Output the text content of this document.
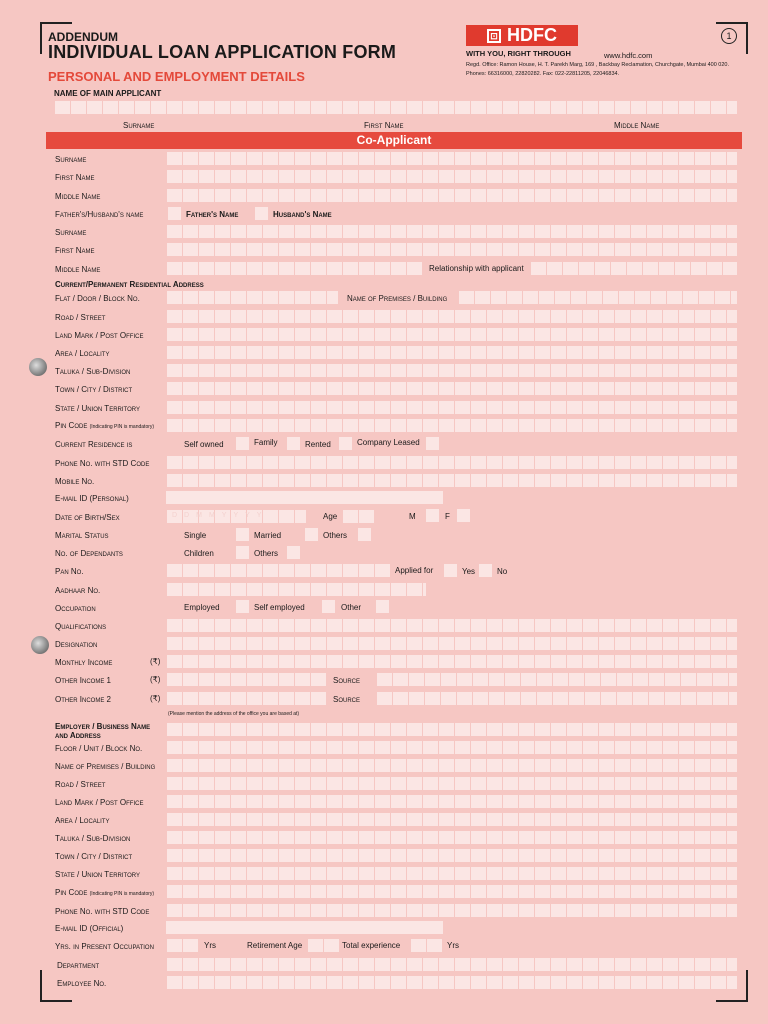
ADDENDUM
INDIVIDUAL LOAN APPLICATION FORM
PERSONAL AND EMPLOYMENT DETAILS
⊡ HDFC
WITH YOU, RIGHT THROUGH	www.hdfc.com
Regd. Office: Ramon House, H. T. Parekh Marg, 169 , Backbay Reclamation, Churchgate, Mumbai 400 020. Phones: 66316000, 22820282. Fax: 022-22811205, 22046834.
1
NAME OF MAIN APPLICANT
Surname	First Name	Middle Name
Co-Applicant
Surname
First Name
Middle Name
Father's/Husband's name	Father's Name	Husband's Name
Surname
First Name
Middle Name	Relationship with applicant
Current/Permanent Residential Address
Flat / Door / Block No.	Name of Premises / Building
Road / Street
Land Mark / Post Office
Area / Locality
Taluka / Sub-Division
Town / City / District
State / Union Territory
Pin Code (Indicating PIN is mandatory)
Current Residence is	Self owned	Family	Rented	Company Leased
Phone No. with STD Code
Mobile No.
E-mail ID (Personal)
Date of Birth/Sex	DDMMYYYY	Age	M	F
Marital Status	Single	Married	Others
No. of Dependants	Children	Others
Pan No.	Applied for	Yes	No
Aadhaar No.
Occupation	Employed	Self employed	Other
Qualifications
Designation
Monthly Income	(₹)
Other Income 1	(₹)	Source
Other Income 2	(₹)	Source
(Please mention the address of the office you are based at)
Employer / Business Name and Address
Floor / Unit / Block No.
Name of Premises / Building
Road / Street
Land Mark / Post Office
Area / Locality
Taluka / Sub-Division
Town / City / District
State / Union Territory
Pin Code (Indicating PIN is mandatory)
Phone No. with STD Code
E-mail ID (Official)
Yrs. in Present Occupation	Yrs	Retirement Age	Total experience	Yrs
Department
Employee No.
